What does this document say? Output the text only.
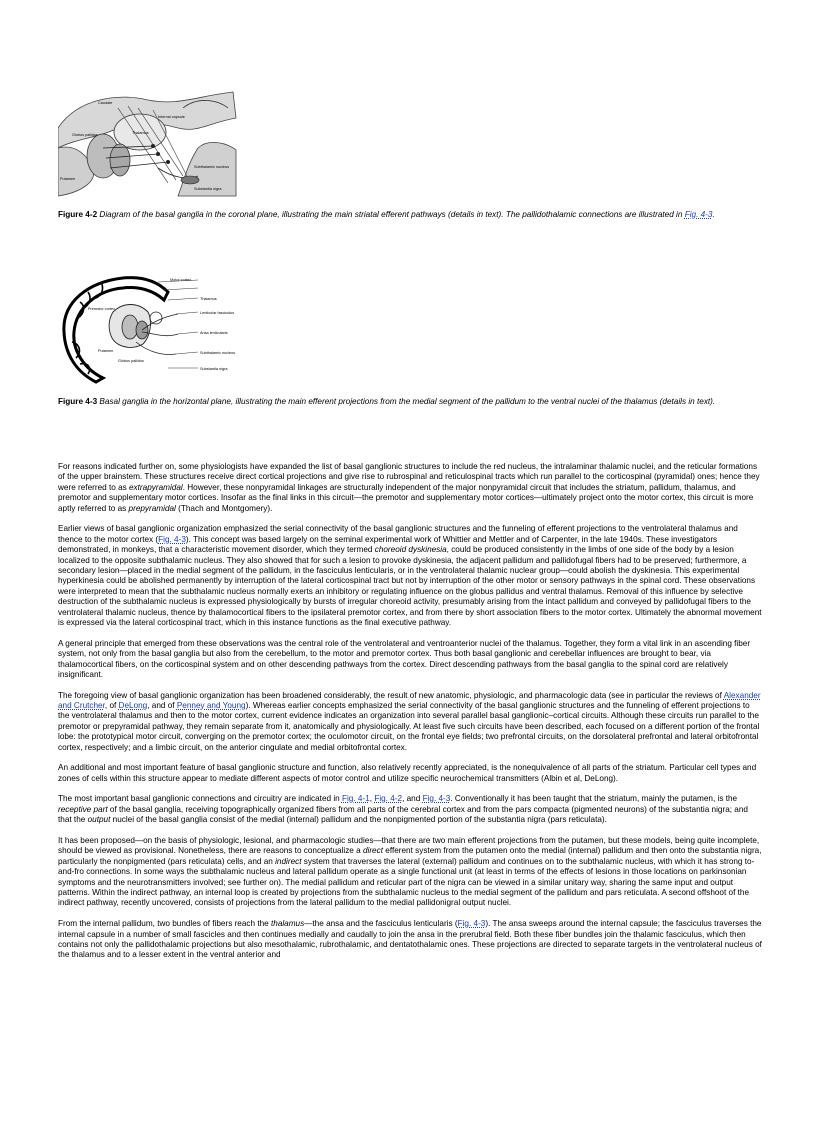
Caudate
Thalamus
Putamen
Globus pallidus
Subthalamic nucleus
Substantia nigra
Internal capsule
Figure 4-2 Diagram of the basal ganglia in the coronal plane, illustrating the main striatal efferent pathways (details in text). The pallidothalamic connections are illustrated in Fig. 4-3.
Motor cortex
Premotor cortex
Thalamus
Lenticular fasciculus
Ansa lenticularis
Putamen
Globus pallidus
Subthalamic nucleus
Substantia nigra
Figure 4-3 Basal ganglia in the horizontal plane, illustrating the main efferent projections from the medial segment of the pallidum to the ventral nuclei of the thalamus (details in text).

For reasons indicated further on, some physiologists have expanded the list of basal ganglionic structures to include the red nucleus, the intralaminar thalamic nuclei, and the reticular formations of the upper brainstem. These structures receive direct cortical projections and give rise to rubrospinal and reticulospinal tracts which run parallel to the corticospinal (pyramidal) ones; hence they were referred to as extrapyramidal. However, these nonpyramidal linkages are structurally independent of the major nonpyramidal circuit that includes the striatum, pallidum, thalamus, and premotor and supplementary motor cortices. Insofar as the final links in this circuit—the premotor and supplementary motor cortices—ultimately project onto the motor cortex, this circuit is more aptly referred to as prepyramidal (Thach and Montgomery).

Earlier views of basal ganglionic organization emphasized the serial connectivity of the basal ganglionic structures and the funneling of efferent projections to the ventrolateral thalamus and thence to the motor cortex (Fig. 4-3). This concept was based largely on the seminal experimental work of Whittier and Mettler and of Carpenter, in the late 1940s. These investigators demonstrated, in monkeys, that a characteristic movement disorder, which they termed choreoid dyskinesia, could be produced consistently in the limbs of one side of the body by a lesion localized to the opposite subthalamic nucleus. They also showed that for such a lesion to provoke dyskinesia, the adjacent pallidum and pallidofugal fibers had to be preserved; furthermore, a secondary lesion—placed in the medial segment of the pallidum, in the fasciculus lenticularis, or in the ventrolateral thalamic nuclear group—could abolish the dyskinesia. This experimental hyperkinesia could be abolished permanently by interruption of the lateral corticospinal tract but not by interruption of the other motor or sensory pathways in the spinal cord. These observations were interpreted to mean that the subthalamic nucleus normally exerts an inhibitory or regulating influence on the globus pallidus and ventral thalamus. Removal of this influence by selective destruction of the subthalamic nucleus is expressed physiologically by bursts of irregular choreoid activity, presumably arising from the intact pallidum and conveyed by pallidofugal fibers to the ventrolateral thalamic nucleus, thence by thalamocortical fibers to the ipsilateral premotor cortex, and from there by short association fibers to the motor cortex. Ultimately the abnormal movement is expressed via the lateral corticospinal tract, which in this instance functions as the final executive pathway.

A general principle that emerged from these observations was the central role of the ventrolateral and ventroanterior nuclei of the thalamus. Together, they form a vital link in an ascending fiber system, not only from the basal ganglia but also from the cerebellum, to the motor and premotor cortex. Thus both basal ganglionic and cerebellar influences are brought to bear, via thalamocortical fibers, on the corticospinal system and on other descending pathways from the cortex. Direct descending pathways from the basal ganglia to the spinal cord are relatively insignificant.

The foregoing view of basal ganglionic organization has been broadened considerably, the result of new anatomic, physiologic, and pharmacologic data (see in particular the reviews of Alexander and Crutcher, of DeLong, and of Penney and Young). Whereas earlier concepts emphasized the serial connectivity of the basal ganglionic structures and the funneling of efferent projections to the ventrolateral thalamus and then to the motor cortex, current evidence indicates an organization into several parallel basal ganglionic–cortical circuits. Although these circuits run parallel to the premotor or prepyramidal pathway, they remain separate from it, anatomically and physiologically. At least five such circuits have been described, each focused on a different portion of the frontal lobe: the prototypical motor circuit, converging on the premotor cortex; the oculomotor circuit, on the frontal eye fields; two prefrontal circuits, on the dorsolateral prefrontal and lateral orbitofrontal cortex, respectively; and a limbic circuit, on the anterior cingulate and medial orbitofrontal cortex.

An additional and most important feature of basal ganglionic structure and function, also relatively recently appreciated, is the nonequivalence of all parts of the striatum. Particular cell types and zones of cells within this structure appear to mediate different aspects of motor control and utilize specific neurochemical transmitters (Albin et al, DeLong).

The most important basal ganglionic connections and circuitry are indicated in Fig. 4-1, Fig. 4-2, and Fig. 4-3. Conventionally it has been taught that the striatum, mainly the putamen, is the receptive part of the basal ganglia, receiving topographically organized fibers from all parts of the cerebral cortex and from the pars compacta (pigmented neurons) of the substantia nigra; and that the output nuclei of the basal ganglia consist of the medial (internal) pallidum and the nonpigmented portion of the substantia nigra (pars reticulata).

It has been proposed—on the basis of physiologic, lesional, and pharmacologic studies—that there are two main efferent projections from the putamen, but these models, being quite incomplete, should be viewed as provisional. Nonetheless, there are reasons to conceptualize a direct efferent system from the putamen onto the medial (internal) pallidum and then onto the substantia nigra, particularly the nonpigmented (pars reticulata) cells, and an indirect system that traverses the lateral (external) pallidum and continues on to the subthalamic nucleus, with which it has strong to-and-fro connections. In some ways the subthalamic nucleus and lateral pallidum operate as a single functional unit (at least in terms of the effects of lesions in those locations on parkinsonian symptoms and the neurotransmitters involved; see further on). The medial pallidum and reticular part of the nigra can be viewed in a similar unitary way, sharing the same input and output patterns. Within the indirect pathway, an internal loop is created by projections from the subthalamic nucleus to the medial segment of the pallidum and pars reticulata. A second offshoot of the indirect pathway, recently uncovered, consists of projections from the lateral pallidum to the medial pallidonigral output nuclei.

From the internal pallidum, two bundles of fibers reach the thalamus—the ansa and the fasciculus lenticularis (Fig. 4-3). The ansa sweeps around the internal capsule; the fasciculus traverses the internal capsule in a number of small fascicles and then continues medially and caudally to join the ansa in the prerubral field. Both these fiber bundles join the thalamic fasciculus, which then contains not only the pallidothalamic projections but also mesothalamic, rubrothalamic, and dentatothalamic ones. These projections are directed to separate targets in the ventrolateral nucleus of the thalamus and to a lesser extent in the ventral anterior and
